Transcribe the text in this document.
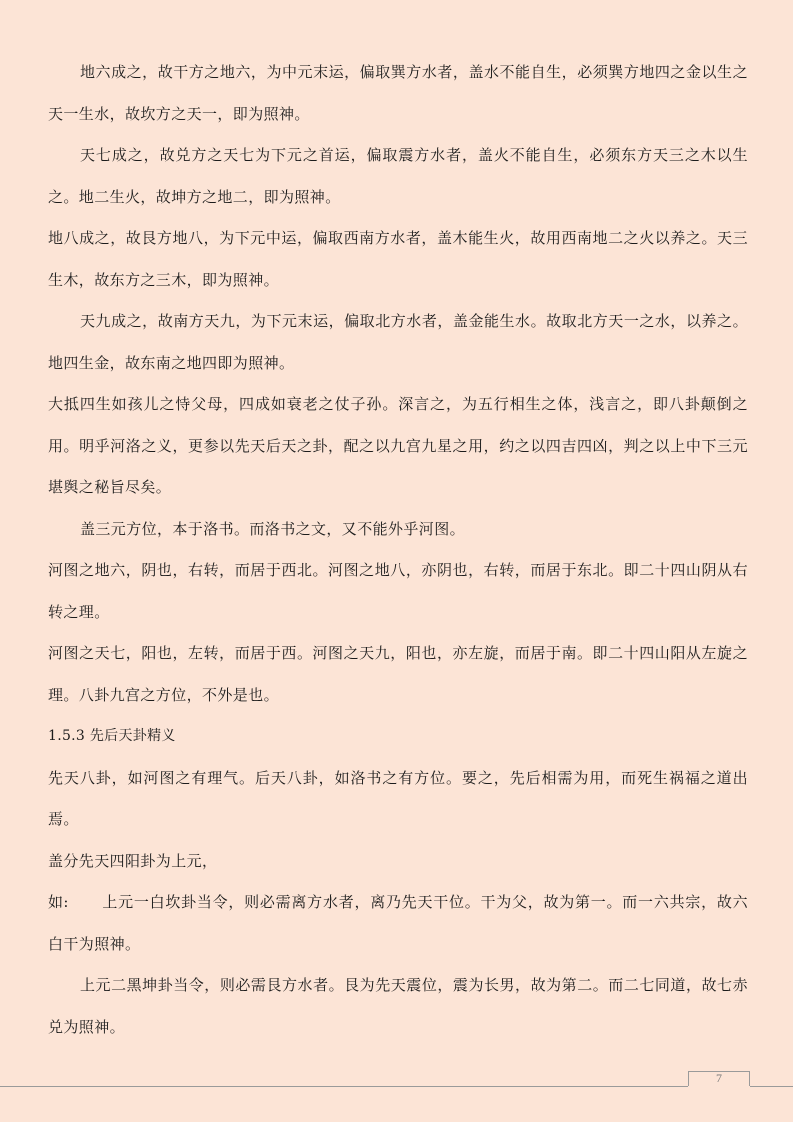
地六成之，故干方之地六，为中元末运，偏取巽方水者，盖水不能自生，必须巽方地四之金以生之天一生水，故坎方之天一，即为照神。

天七成之，故兑方之天七为下元之首运，偏取震方水者，盖火不能自生，必须东方天三之木以生之。地二生火，故坤方之地二，即为照神。

地八成之，故艮方地八，为下元中运，偏取西南方水者，盖木能生火，故用西南地二之火以养之。天三生木，故东方之三木，即为照神。

天九成之，故南方天九，为下元末运，偏取北方水者，盖金能生水。故取北方天一之水，以养之。地四生金，故东南之地四即为照神。

大抵四生如孩儿之恃父母，四成如衰老之仗子孙。深言之，为五行相生之体，浅言之，即八卦颠倒之用。明乎河洛之义，更参以先天后天之卦，配之以九宫九星之用，约之以四吉四凶，判之以上中下三元堪舆之秘旨尽矣。

盖三元方位，本于洛书。而洛书之文，又不能外乎河图。

河图之地六，阴也，右转，而居于西北。河图之地八，亦阴也，右转，而居于东北。即二十四山阴从右转之理。

河图之天七，阳也，左转，而居于西。河图之天九，阳也，亦左旋，而居于南。即二十四山阳从左旋之理。八卦九宫之方位，不外是也。

1.5.3 先后天卦精义

先天八卦，如河图之有理气。后天八卦，如洛书之有方位。要之，先后相需为用，而死生祸福之道出焉。

盖分先天四阳卦为上元，

如: 上元一白坎卦当令，则必需离方水者，离乃先天干位。干为父，故为第一。而一六共宗，故六白干为照神。

上元二黑坤卦当令，则必需艮方水者。艮为先天震位，震为长男，故为第二。而二七同道，故七赤兑为照神。

7
